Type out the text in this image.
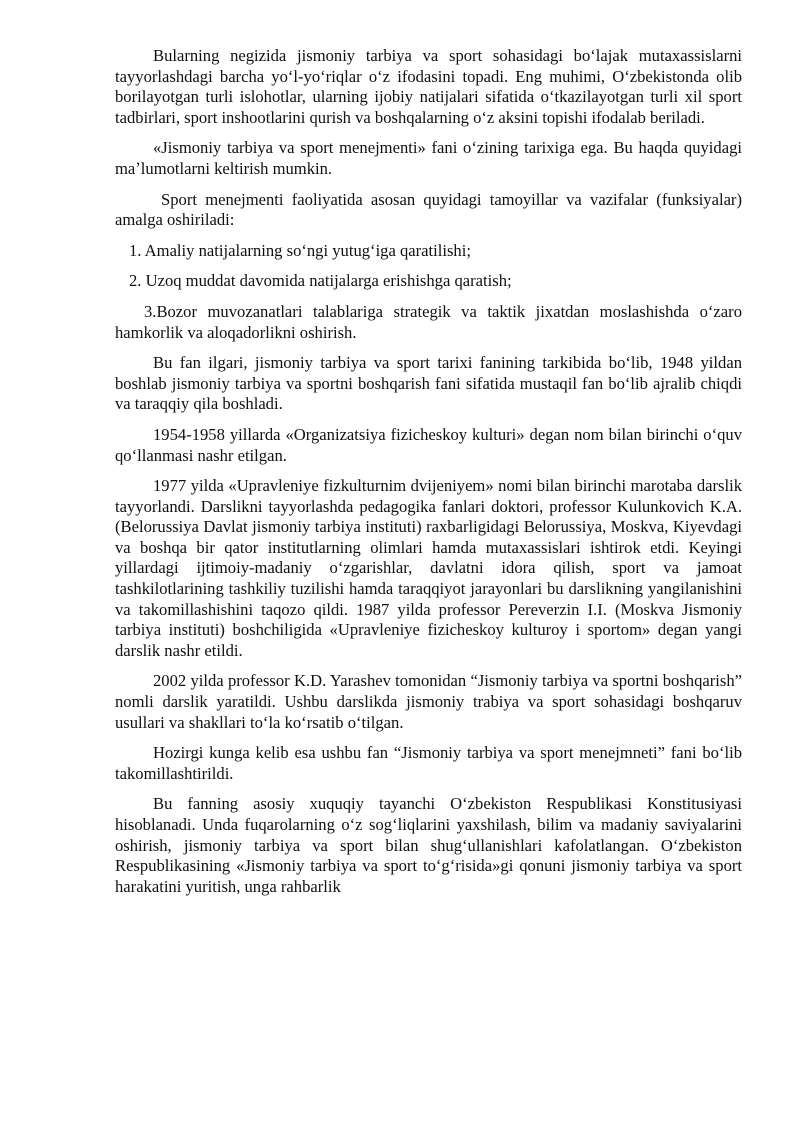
Bularning negizida jismoniy tarbiya va sport sohasidagi boʻlajak mutaxassislarni tayyorlashdagi barcha yoʻl-yoʻriqlar oʻz ifodasini topadi. Eng muhimi, Oʻzbekistonda olib borilayotgan turli islohotlar, ularning ijobiy natijalari sifatida oʻtkazilayotgan turli xil sport tadbirlari, sport inshootlarini qurish va boshqalarning oʻz aksini topishi ifodalab beriladi.

«Jismoniy tarbiya va sport menejmenti» fani oʻzining tarixiga ega. Bu haqda quyidagi maʼlumotlarni keltirish mumkin.

Sport menejmenti faoliyatida asosan quyidagi tamoyillar va vazifalar (funksiyalar) amalga oshiriladi:

1. Amaliy natijalarning soʻngi yutugʻiga qaratilishi;

2. Uzoq muddat davomida natijalarga erishishga qaratish;

3.Bozor muvozanatlari talablariga strategik va taktik jixatdan moslashishda oʻzaro hamkorlik va aloqadorlikni oshirish.

Bu fan ilgari, jismoniy tarbiya va sport tarixi fanining tarkibida boʻlib, 1948 yildan boshlab jismoniy tarbiya va sportni boshqarish fani sifatida mustaqil fan boʻlib ajralib chiqdi va taraqqiy qila boshladi.

1954-1958 yillarda «Organizatsiya fizicheskoy kulturi» degan nom bilan birinchi oʻquv qoʻllanmasi nashr etilgan.

1977 yilda «Upravleniye fizkulturnim dvijeniyem» nomi bilan birinchi marotaba darslik tayyorlandi. Darslikni tayyorlashda pedagogika fanlari doktori, professor Kulunkovich K.A. (Belorussiya Davlat jismoniy tarbiya instituti) raxbarligidagi Belorussiya, Moskva, Kiyevdagi va boshqa bir qator institutlarning olimlari hamda mutaxassislari ishtirok etdi. Keyingi yillardagi ijtimoiy-madaniy oʻzgarishlar, davlatni idora qilish, sport va jamoat tashkilotlarining tashkiliy tuzilishi hamda taraqqiyot jarayonlari bu darslikning yangilanishini va takomillashishini taqozo qildi. 1987 yilda professor Pereverzin I.I. (Moskva Jismoniy tarbiya instituti) boshchiligida «Upravleniye fizicheskoy kulturoy i sportom» degan yangi darslik nashr etildi.

2002 yilda professor K.D. Yarashev tomonidan “Jismoniy tarbiya va sportni boshqarish” nomli darslik yaratildi. Ushbu darslikda jismoniy trabiya va sport sohasidagi boshqaruv usullari va shakllari toʻla koʻrsatib oʻtilgan.

Hozirgi kunga kelib esa ushbu fan “Jismoniy tarbiya va sport menejmneti” fani boʻlib takomillashtirildi.

Bu fanning asosiy xuquqiy tayanchi Oʻzbekiston Respublikasi Konstitusiyasi hisoblanadi. Unda fuqarolarning oʻz sogʻliqlarini yaxshilash, bilim va madaniy saviyalarini oshirish, jismoniy tarbiya va sport bilan shugʻullanishlari kafolatlangan. Oʻzbekiston Respublikasining «Jismoniy tarbiya va sport toʻgʻrisida»gi qonuni jismoniy tarbiya va sport harakatini yuritish, unga rahbarlik
